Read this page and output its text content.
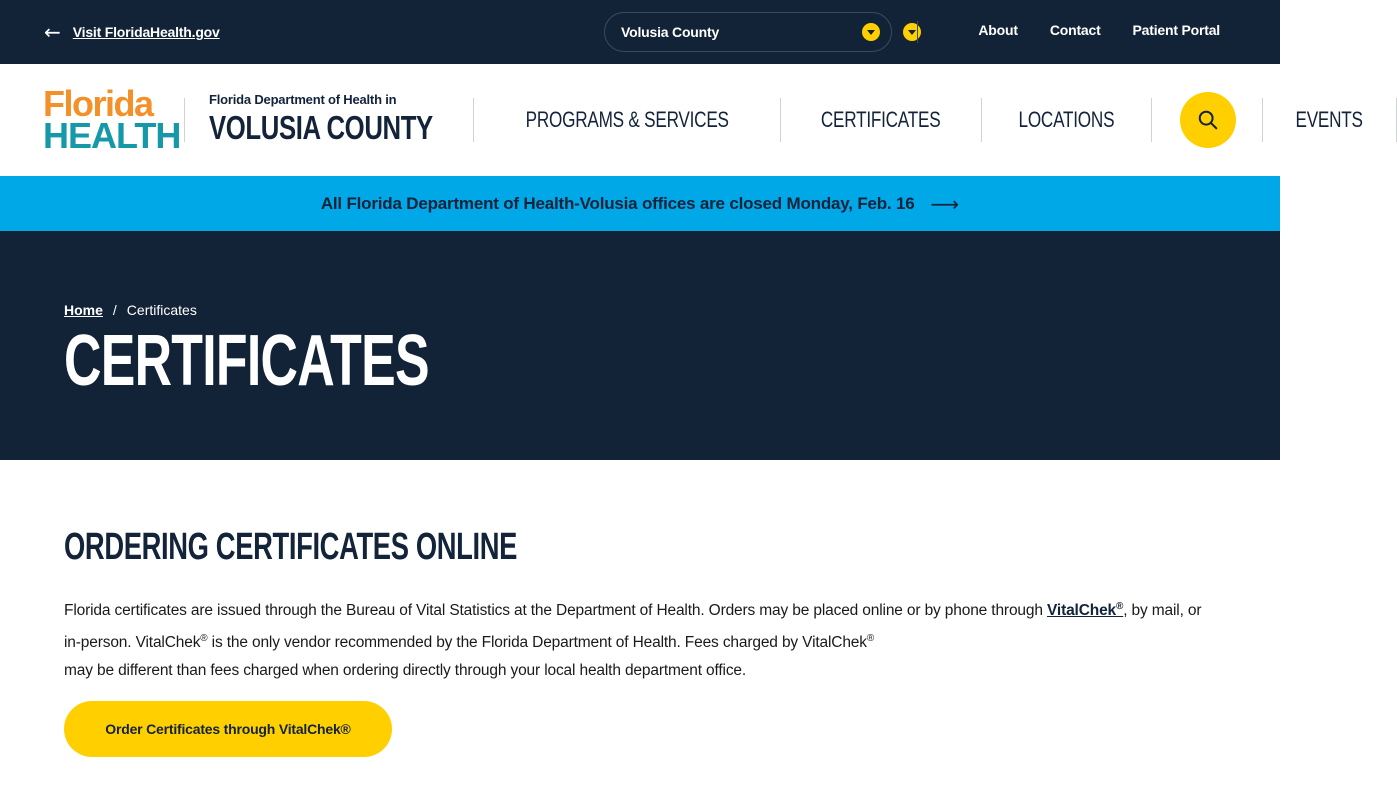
← Visit FloridaHealth.gov	Volusia County	About Contact Patient Portal
Florida
HEALTH
Florida Department of Health in
VOLUSIA COUNTY	PROGRAMS & SERVICES	CERTIFICATES	LOCATIONS	EVENTS
All Florida Department of Health-Volusia offices are closed Monday, Feb. 16 ⟶
Home / Certificates
CERTIFICATES
ORDERING CERTIFICATES ONLINE

Florida certificates are issued through the Bureau of Vital Statistics at the Department of Health. Orders may be placed online or by phone through VitalChek®, by mail, or in-person. VitalChek® is the only vendor recommended by the Florida Department of Health. Fees charged by VitalChek®
may be different than fees charged when ordering directly through your local health department office.

Order Certificates through VitalChek®
